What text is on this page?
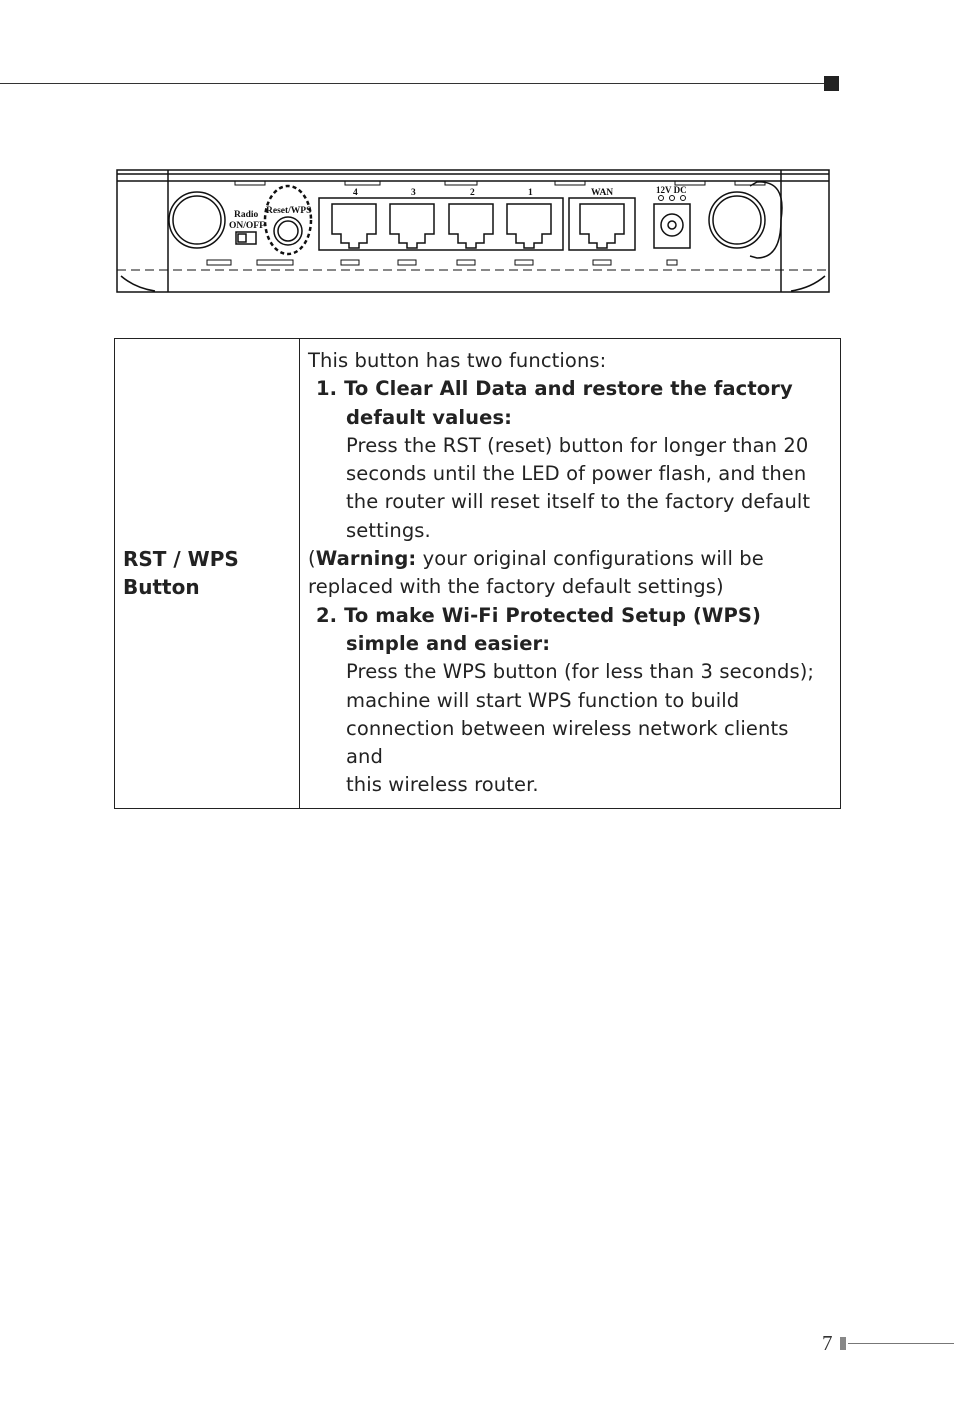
Radio
ON/OFF
Reset/WPS
4	3	2	1	WAN	12V DC
RST / WPS Button	

This button has two functions:

1. To Clear All Data and restore the factory

default values:

Press the RST (reset) button for longer than 20

seconds until the LED of power flash, and then

the router will reset itself to the factory default

settings.

(Warning: your original configurations will be

replaced with the factory default settings)

2. To make Wi-Fi Protected Setup (WPS)

simple and easier:

Press the WPS button (for less than 3 seconds);

machine will start WPS function to build

connection between wireless network clients and

this wireless router.

7
